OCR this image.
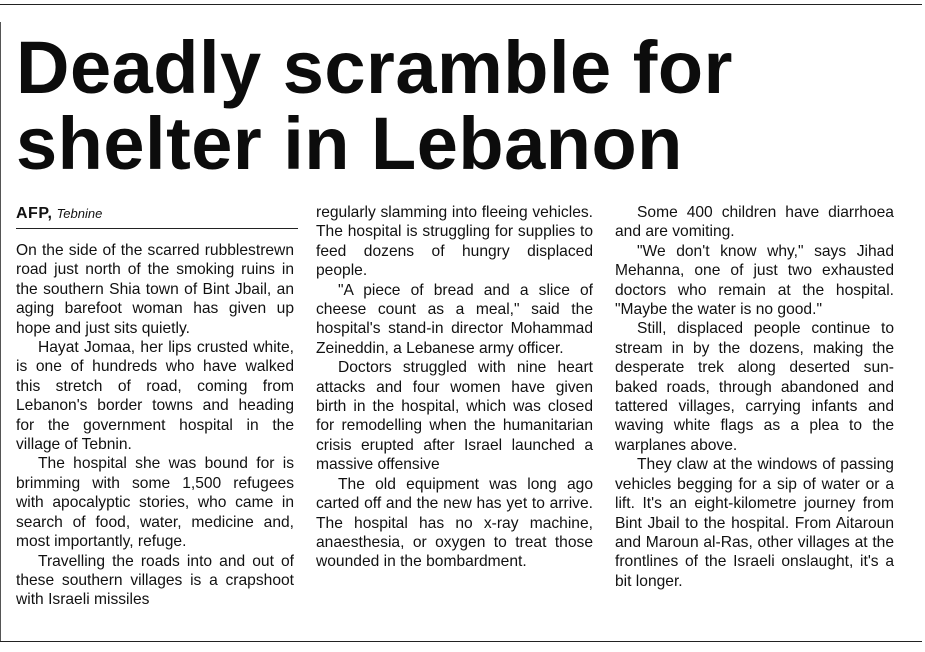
Deadly scramble for
shelter in Lebanon
AFP, Tebnine

On the side of the scarred rubblestrewn road just north of the smoking ruins in the southern Shia town of Bint Jbail, an aging barefoot woman has given up hope and just sits quietly.

Hayat Jomaa, her lips crusted white, is one of hundreds who have walked this stretch of road, coming from Lebanon's border towns and heading for the government hospital in the village of Tebnin.

The hospital she was bound for is brimming with some 1,500 refugees with apocalyptic stories, who came in search of food, water, medicine and, most importantly, refuge.

Travelling the roads into and out of these southern villages is a crapshoot with Israeli missiles

regularly slamming into fleeing vehicles. The hospital is struggling for supplies to feed dozens of hungry displaced people.

"A piece of bread and a slice of cheese count as a meal," said the hospital's stand-in director Mohammad Zeineddin, a Lebanese army officer.

Doctors struggled with nine heart attacks and four women have given birth in the hospital, which was closed for remodelling when the humanitarian crisis erupted after Israel launched a massive offensive

The old equipment was long ago carted off and the new has yet to arrive. The hospital has no x-ray machine, anaesthesia, or oxygen to treat those wounded in the bombardment.

Some 400 children have diarrhoea and are vomiting.

"We don't know why," says Jihad Mehanna, one of just two exhausted doctors who remain at the hospital. "Maybe the water is no good."

Still, displaced people continue to stream in by the dozens, making the desperate trek along deserted sun-baked roads, through abandoned and tattered villages, carrying infants and waving white flags as a plea to the warplanes above.

They claw at the windows of passing vehicles begging for a sip of water or a lift. It's an eight-kilometre journey from Bint Jbail to the hospital. From Aitaroun and Maroun al-Ras, other villages at the frontlines of the Israeli onslaught, it's a bit longer.
